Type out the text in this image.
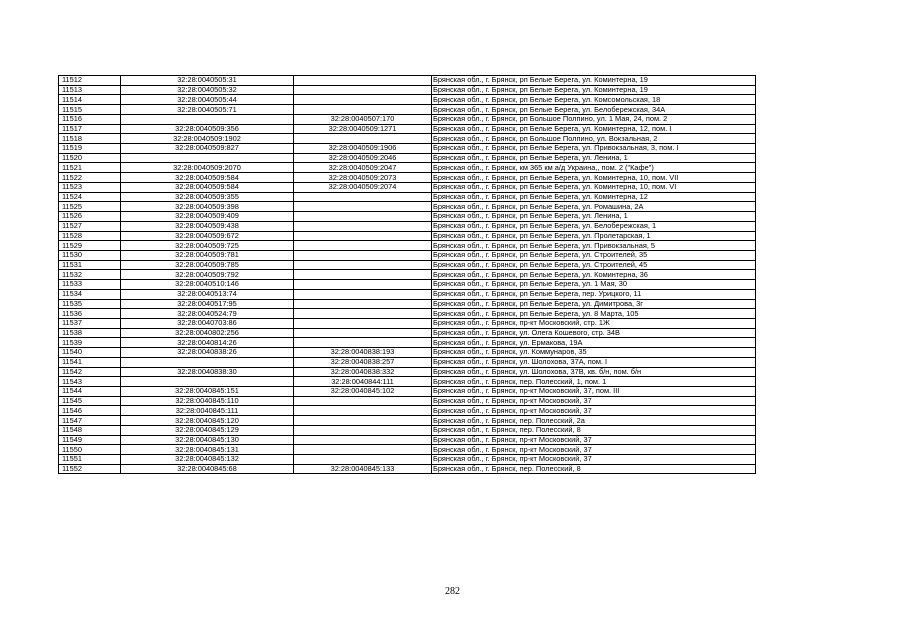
11512	32:28:0040505:31		Брянская обл., г. Брянск, рп Белые Берега, ул. Коминтерна, 19
11513	32:28:0040505:32		Брянская обл., г. Брянск, рп Белые Берега, ул. Коминтерна, 19
11514	32:28:0040505:44		Брянская обл., г. Брянск, рп Белые Берега, ул. Комсомольская, 18
11515	32:28:0040505:71		Брянская обл., г. Брянск, рп Белые Берега, ул. Белобережская, 34А
11516		32:28:0040507:170	Брянская обл., г. Брянск, рп Большое Полпино, ул. 1 Мая, 24, пом. 2
11517	32:28:0040509:356	32:28:0040509:1271	Брянская обл., г. Брянск, рп Белые Берега, ул. Коминтерна, 12, пом. I
11518	32:28:0040509:1902		Брянская обл., г. Брянск, рп Большое Полпино, ул. Вокзальная, 2
11519	32:28:0040509:827	32:28:0040509:1906	Брянская обл., г. Брянск, рп Белые Берега, ул. Привокзальная, 3, пом. I
11520		32:28:0040509:2046	Брянская обл., г. Брянск, рп Белые Берега, ул. Ленина, 1
11521	32:28:0040509:2070	32:28:0040509:2047	Брянская обл., г. Брянск, км 365 км а/д Украина,, пом. 2 ("Кафе")
11522	32:28:0040509:584	32:28:0040509:2073	Брянская обл., г. Брянск, рп Белые Берега, ул. Коминтерна, 10, пом. VII
11523	32:28:0040509:584	32:28:0040509:2074	Брянская обл., г. Брянск, рп Белые Берега, ул. Коминтерна, 10, пом. VI
11524	32:28:0040509:355		Брянская обл., г. Брянск, рп Белые Берега, ул. Коминтерна, 12
11525	32:28:0040509:398		Брянская обл., г. Брянск, рп Белые Берега, ул. Ромашина, 2А
11526	32:28:0040509:409		Брянская обл., г. Брянск, рп Белые Берега, ул. Ленина, 1
11527	32:28:0040509:438		Брянская обл., г. Брянск, рп Белые Берега, ул. Белобережская, 1
11528	32:28:0040509:672		Брянская обл., г. Брянск, рп Белые Берега, ул. Пролетарская, 1
11529	32:28:0040509:725		Брянская обл., г. Брянск, рп Белые Берега, ул. Привокзальная, 5
11530	32:28:0040509:781		Брянская обл., г. Брянск, рп Белые Берега, ул. Строителей, 35
11531	32:28:0040509:785		Брянская обл., г. Брянск, рп Белые Берега, ул. Строителей, 45
11532	32:28:0040509:792		Брянская обл., г. Брянск, рп Белые Берега, ул. Коминтерна, 36
11533	32:28:0040510:146		Брянская обл., г. Брянск, рп Белые Берега, ул. 1 Мая, 30
11534	32:28:0040513:74		Брянская обл., г. Брянск, рп Белые Берега, пер. Урицкого, 11
11535	32:28:0040517:95		Брянская обл., г. Брянск, рп Белые Берега, ул. Димитрова, 3г
11536	32:28:0040524:79		Брянская обл., г. Брянск, рп Белые Берега, ул. 8 Марта, 105
11537	32:28:0040703:86		Брянская обл., г. Брянск, пр-кт Московский, стр. 1Ж
11538	32:28:0040802:256		Брянская обл., г. Брянск, ул. Олега Кошевого, стр. 34В
11539	32:28:0040814:26		Брянская обл., г. Брянск, ул. Ермакова, 19А
11540	32:28:0040838:26	32:28:0040838:193	Брянская обл., г. Брянск, ул. Коммунаров, 35
11541		32:28:0040838:257	Брянская обл., г. Брянск, ул. Шолохова, 37А, пом. I
11542	32:28:0040838:30	32:28:0040838:332	Брянская обл., г. Брянск, ул. Шолохова, 37В, кв. б/н, пом. б/н
11543		32:28:0040844:111	Брянская обл., г. Брянск, пер. Полесский, 1, пом. 1
11544	32:28:0040845:151	32:28:0040845:102	Брянская обл., г. Брянск, пр-кт Московский, 37, пом. III
11545	32:28:0040845:110		Брянская обл., г. Брянск, пр-кт Московский, 37
11546	32:28:0040845:111		Брянская обл., г. Брянск, пр-кт Московский, 37
11547	32:28:0040845:120		Брянская обл., г. Брянск, пер. Полесский, 2а
11548	32:28:0040845:129		Брянская обл., г. Брянск, пер. Полесский, 8
11549	32:28:0040845:130		Брянская обл., г. Брянск, пр-кт Московский, 37
11550	32:28:0040845:131		Брянская обл., г. Брянск, пр-кт Московский, 37
11551	32:28:0040845:132		Брянская обл., г. Брянск, пр-кт Московский, 37
11552	32:28:0040845:68	32:28:0040845:133	Брянская обл., г. Брянск, пер. Полесский, 8
282
